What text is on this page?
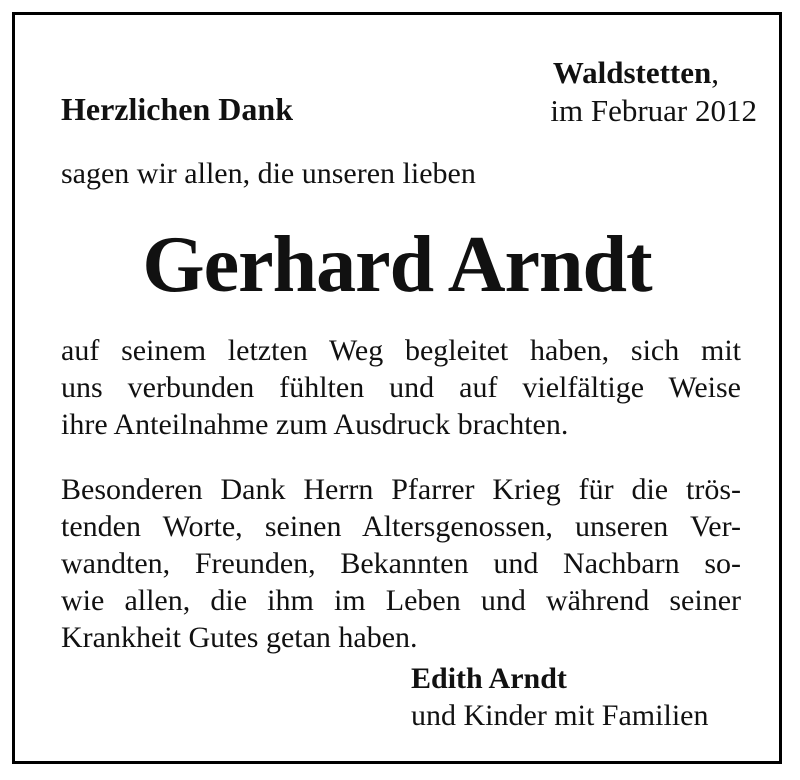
Herzlichen Dank
Waldstetten,
im Februar 2012
sagen wir allen, die unseren lieben
Gerhard Arndt
auf seinem letzten Weg begleitet haben, sich mit
uns verbunden fühlten und auf vielfältige Weise
ihre Anteilnahme zum Ausdruck brachten.
Besonderen Dank Herrn Pfarrer Krieg für die trös-
tenden Worte, seinen Altersgenossen, unseren Ver-
wandten, Freunden, Bekannten und Nachbarn so-
wie allen, die ihm im Leben und während seiner
Krankheit Gutes getan haben.
Edith Arndt
und Kinder mit Familien
